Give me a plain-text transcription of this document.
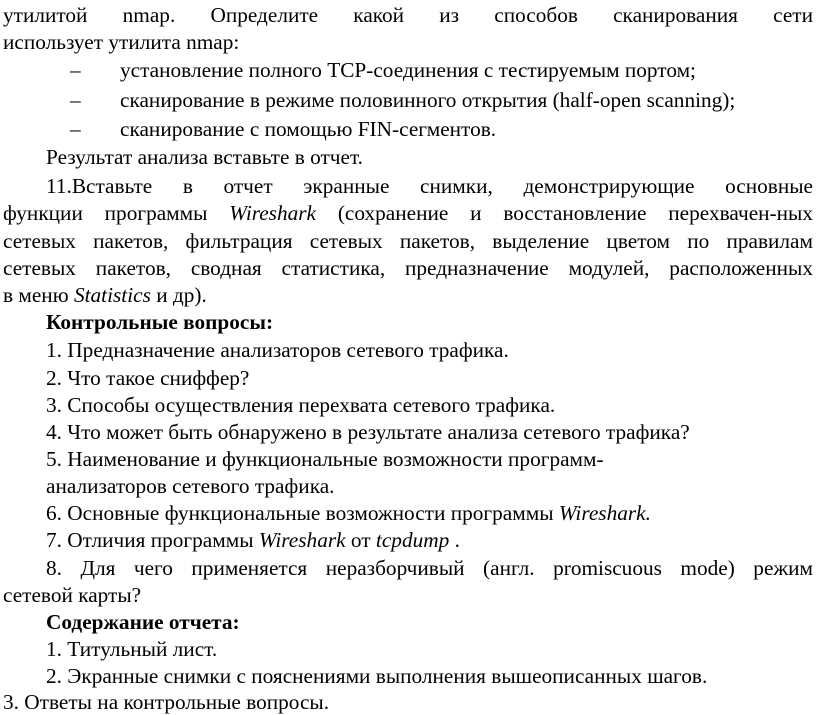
утилитой nmap. Определите какой из способов сканирования сети
использует утилита nmap:
– установление полного TCP-соединения с тестируемым портом;
– сканирование в режиме половинного открытия (half-open scanning);
– сканирование с помощью FIN-сегментов.
Результат анализа вставьте в отчет.
11.Вставьте в отчет экранные снимки, демонстрирующие основные
функции программы Wireshark (сохранение и восстановление перехвачен-ных
сетевых пакетов, фильтрация сетевых пакетов, выделение цветом по правилам
сетевых пакетов, сводная статистика, предназначение модулей, расположенных
в меню Statistics и др).
Контрольные вопросы:
1. Предназначение анализаторов сетевого трафика.
2. Что такое сниффер?
3. Способы осуществления перехвата сетевого трафика.
4. Что может быть обнаружено в результате анализа сетевого трафика?
5. Наименование и функциональные возможности программ-
анализаторов сетевого трафика.
6. Основные функциональные возможности программы Wireshark.
7. Отличия программы Wireshark от tcpdump .
8. Для чего применяется неразборчивый (англ. promiscuous mode) режим
сетевой карты?
Содержание отчета:
1. Титульный лист.
2. Экранные снимки с пояснениями выполнения вышеописанных шагов.
3. Ответы на контрольные вопросы.
